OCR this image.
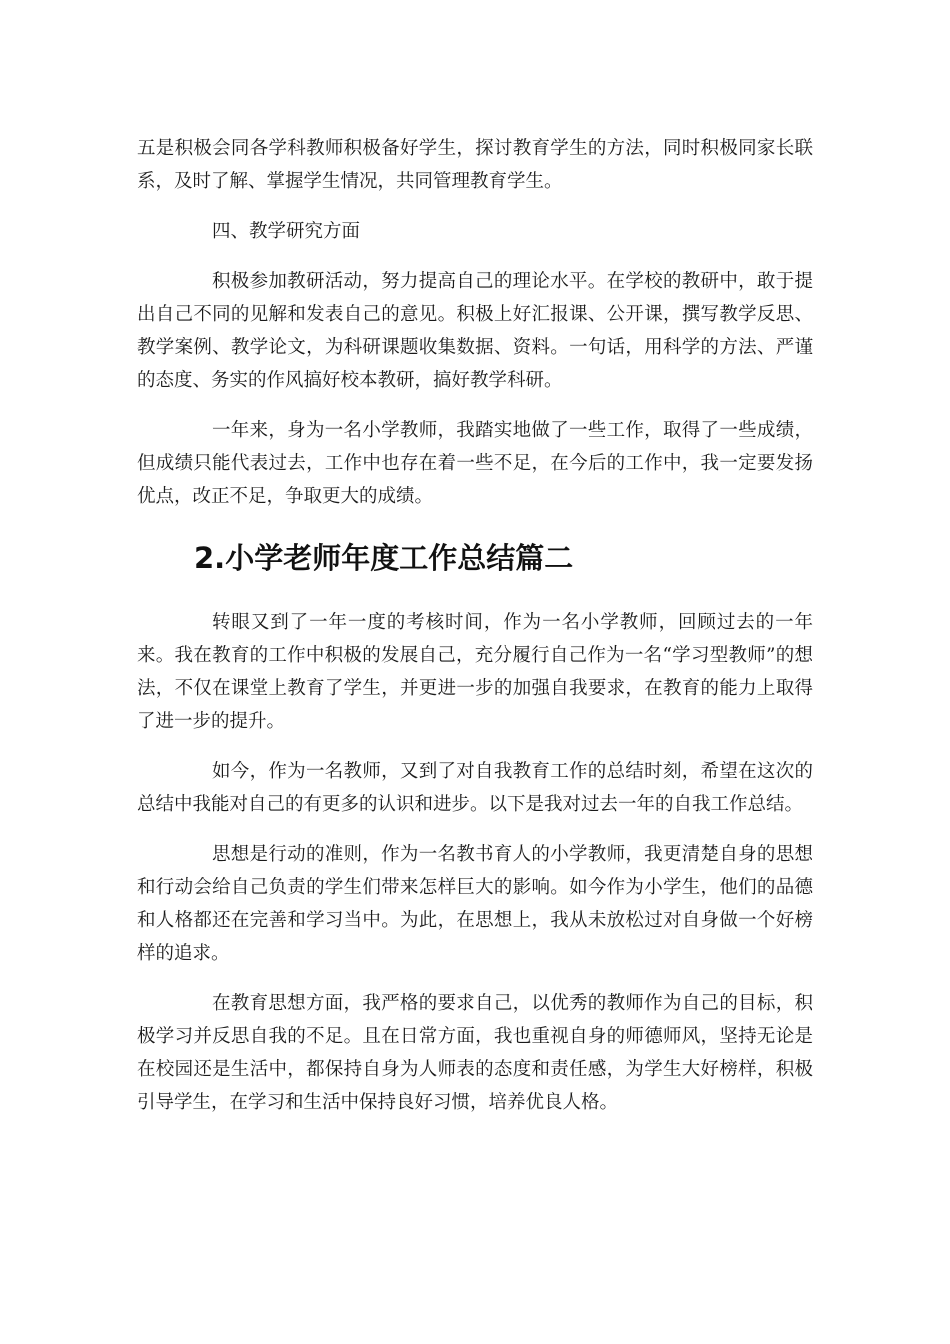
五是积极会同各学科教师积极备好学生，探讨教育学生的方法，同时积极同家长联系，及时了解、掌握学生情况，共同管理教育学生。

四、教学研究方面

积极参加教研活动，努力提高自己的理论水平。在学校的教研中，敢于提出自己不同的见解和发表自己的意见。积极上好汇报课、公开课，撰写教学反思、教学案例、教学论文，为科研课题收集数据、资料。一句话，用科学的方法、严谨的态度、务实的作风搞好校本教研，搞好教学科研。

一年来，身为一名小学教师，我踏实地做了一些工作，取得了一些成绩，但成绩只能代表过去，工作中也存在着一些不足，在今后的工作中，我一定要发扬优点，改正不足，争取更大的成绩。

2.小学老师年度工作总结篇二

转眼又到了一年一度的考核时间，作为一名小学教师，回顾过去的一年来。我在教育的工作中积极的发展自己，充分履行自己作为一名“学习型教师”的想法，不仅在课堂上教育了学生，并更进一步的加强自我要求，在教育的能力上取得了进一步的提升。

如今，作为一名教师，又到了对自我教育工作的总结时刻，希望在这次的总结中我能对自己的有更多的认识和进步。以下是我对过去一年的自我工作总结。

思想是行动的准则，作为一名教书育人的小学教师，我更清楚自身的思想和行动会给自己负责的学生们带来怎样巨大的影响。如今作为小学生，他们的品德和人格都还在完善和学习当中。为此，在思想上，我从未放松过对自身做一个好榜样的追求。

在教育思想方面，我严格的要求自己，以优秀的教师作为自己的目标，积极学习并反思自我的不足。且在日常方面，我也重视自身的师德师风，坚持无论是在校园还是生活中，都保持自身为人师表的态度和责任感，为学生大好榜样，积极引导学生，在学习和生活中保持良好习惯，培养优良人格。
